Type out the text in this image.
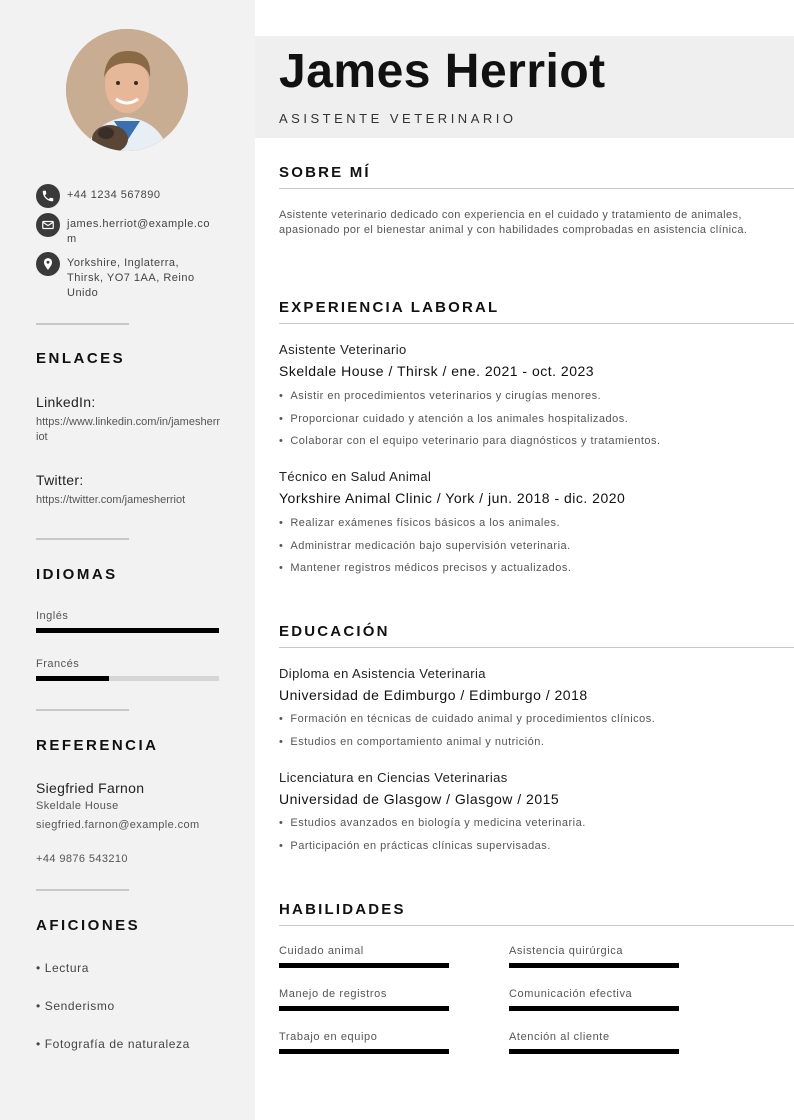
+44 1234 567890
james.herriot@example.com
Yorkshire, Inglaterra, Thirsk, YO7 1AA, Reino Unido
ENLACES
LinkedIn:
https://www.linkedin.com/in/jamesherriot
Twitter:
https://twitter.com/jamesherriot
IDIOMAS
Inglés
Francés
REFERENCIA
Siegfried Farnon
Skeldale House
siegfried.farnon@example.com
+44 9876 543210
AFICIONES
• Lectura
• Senderismo
• Fotografía de naturaleza
James Herriot
ASISTENTE VETERINARIO
SOBRE MÍ
Asistente veterinario dedicado con experiencia en el cuidado y tratamiento de animales, apasionado por el bienestar animal y con habilidades comprobadas en asistencia clínica.
EXPERIENCIA LABORAL
Asistente Veterinario
Skeldale House / Thirsk / ene. 2021 - oct. 2023
• Asistir en procedimientos veterinarios y cirugías menores.
• Proporcionar cuidado y atención a los animales hospitalizados.
• Colaborar con el equipo veterinario para diagnósticos y tratamientos.
Técnico en Salud Animal
Yorkshire Animal Clinic / York / jun. 2018 - dic. 2020
• Realizar exámenes físicos básicos a los animales.
• Administrar medicación bajo supervisión veterinaria.
• Mantener registros médicos precisos y actualizados.
EDUCACIÓN
Diploma en Asistencia Veterinaria
Universidad de Edimburgo / Edimburgo / 2018
• Formación en técnicas de cuidado animal y procedimientos clínicos.
• Estudios en comportamiento animal y nutrición.
Licenciatura en Ciencias Veterinarias
Universidad de Glasgow / Glasgow / 2015
• Estudios avanzados en biología y medicina veterinaria.
• Participación en prácticas clínicas supervisadas.
HABILIDADES
Cuidado animal	Asistencia quirúrgica
Manejo de registros	Comunicación efectiva
Trabajo en equipo	Atención al cliente
